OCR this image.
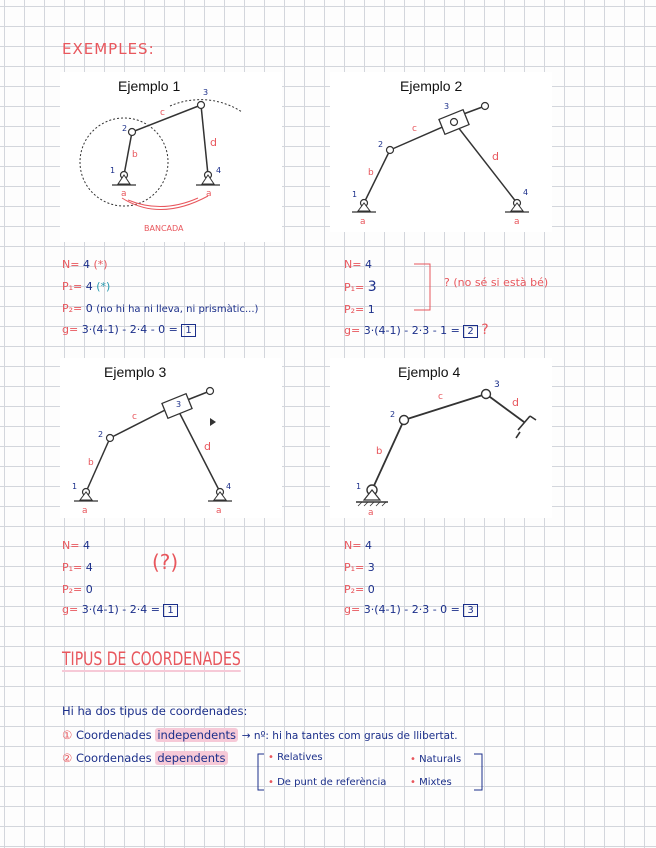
EXEMPLES:
Ejemplo 1
1
2
3
4
b
c
d
a	a
BANCADA
N= 4 (*)
P₁= 4 (*)
P₂= 0 (no hi ha ni lleva, ni prismàtic...)
g= 3·(4-1) - 2·4 - 0 = 1
Ejemplo 2
1
2
3
4
b
c
d
a	a
N= 4
P₁= 3
P₂= 1
g= 3·(4-1) - 2·3 - 1 = 2 ?
? (no sé si està bé)
Ejemplo 3
1
2
3
4
b
c
d
a	a
N= 4
P₁= 4
P₂= 0
g= 3·(4-1) - 2·4 = 1
(?)
Ejemplo 4
1
2
3
b
c	d
a
N= 4
P₁= 3
P₂= 0
g= 3·(4-1) - 2·3 - 0 = 3
TIPUS DE COORDENADES
Hi ha dos tipus de coordenades:
① Coordenades independents → nº: hi ha tantes com graus de llibertat.
② Coordenades dependents	• Relatives
• De punt de referència
• Naturals
• Mixtes
